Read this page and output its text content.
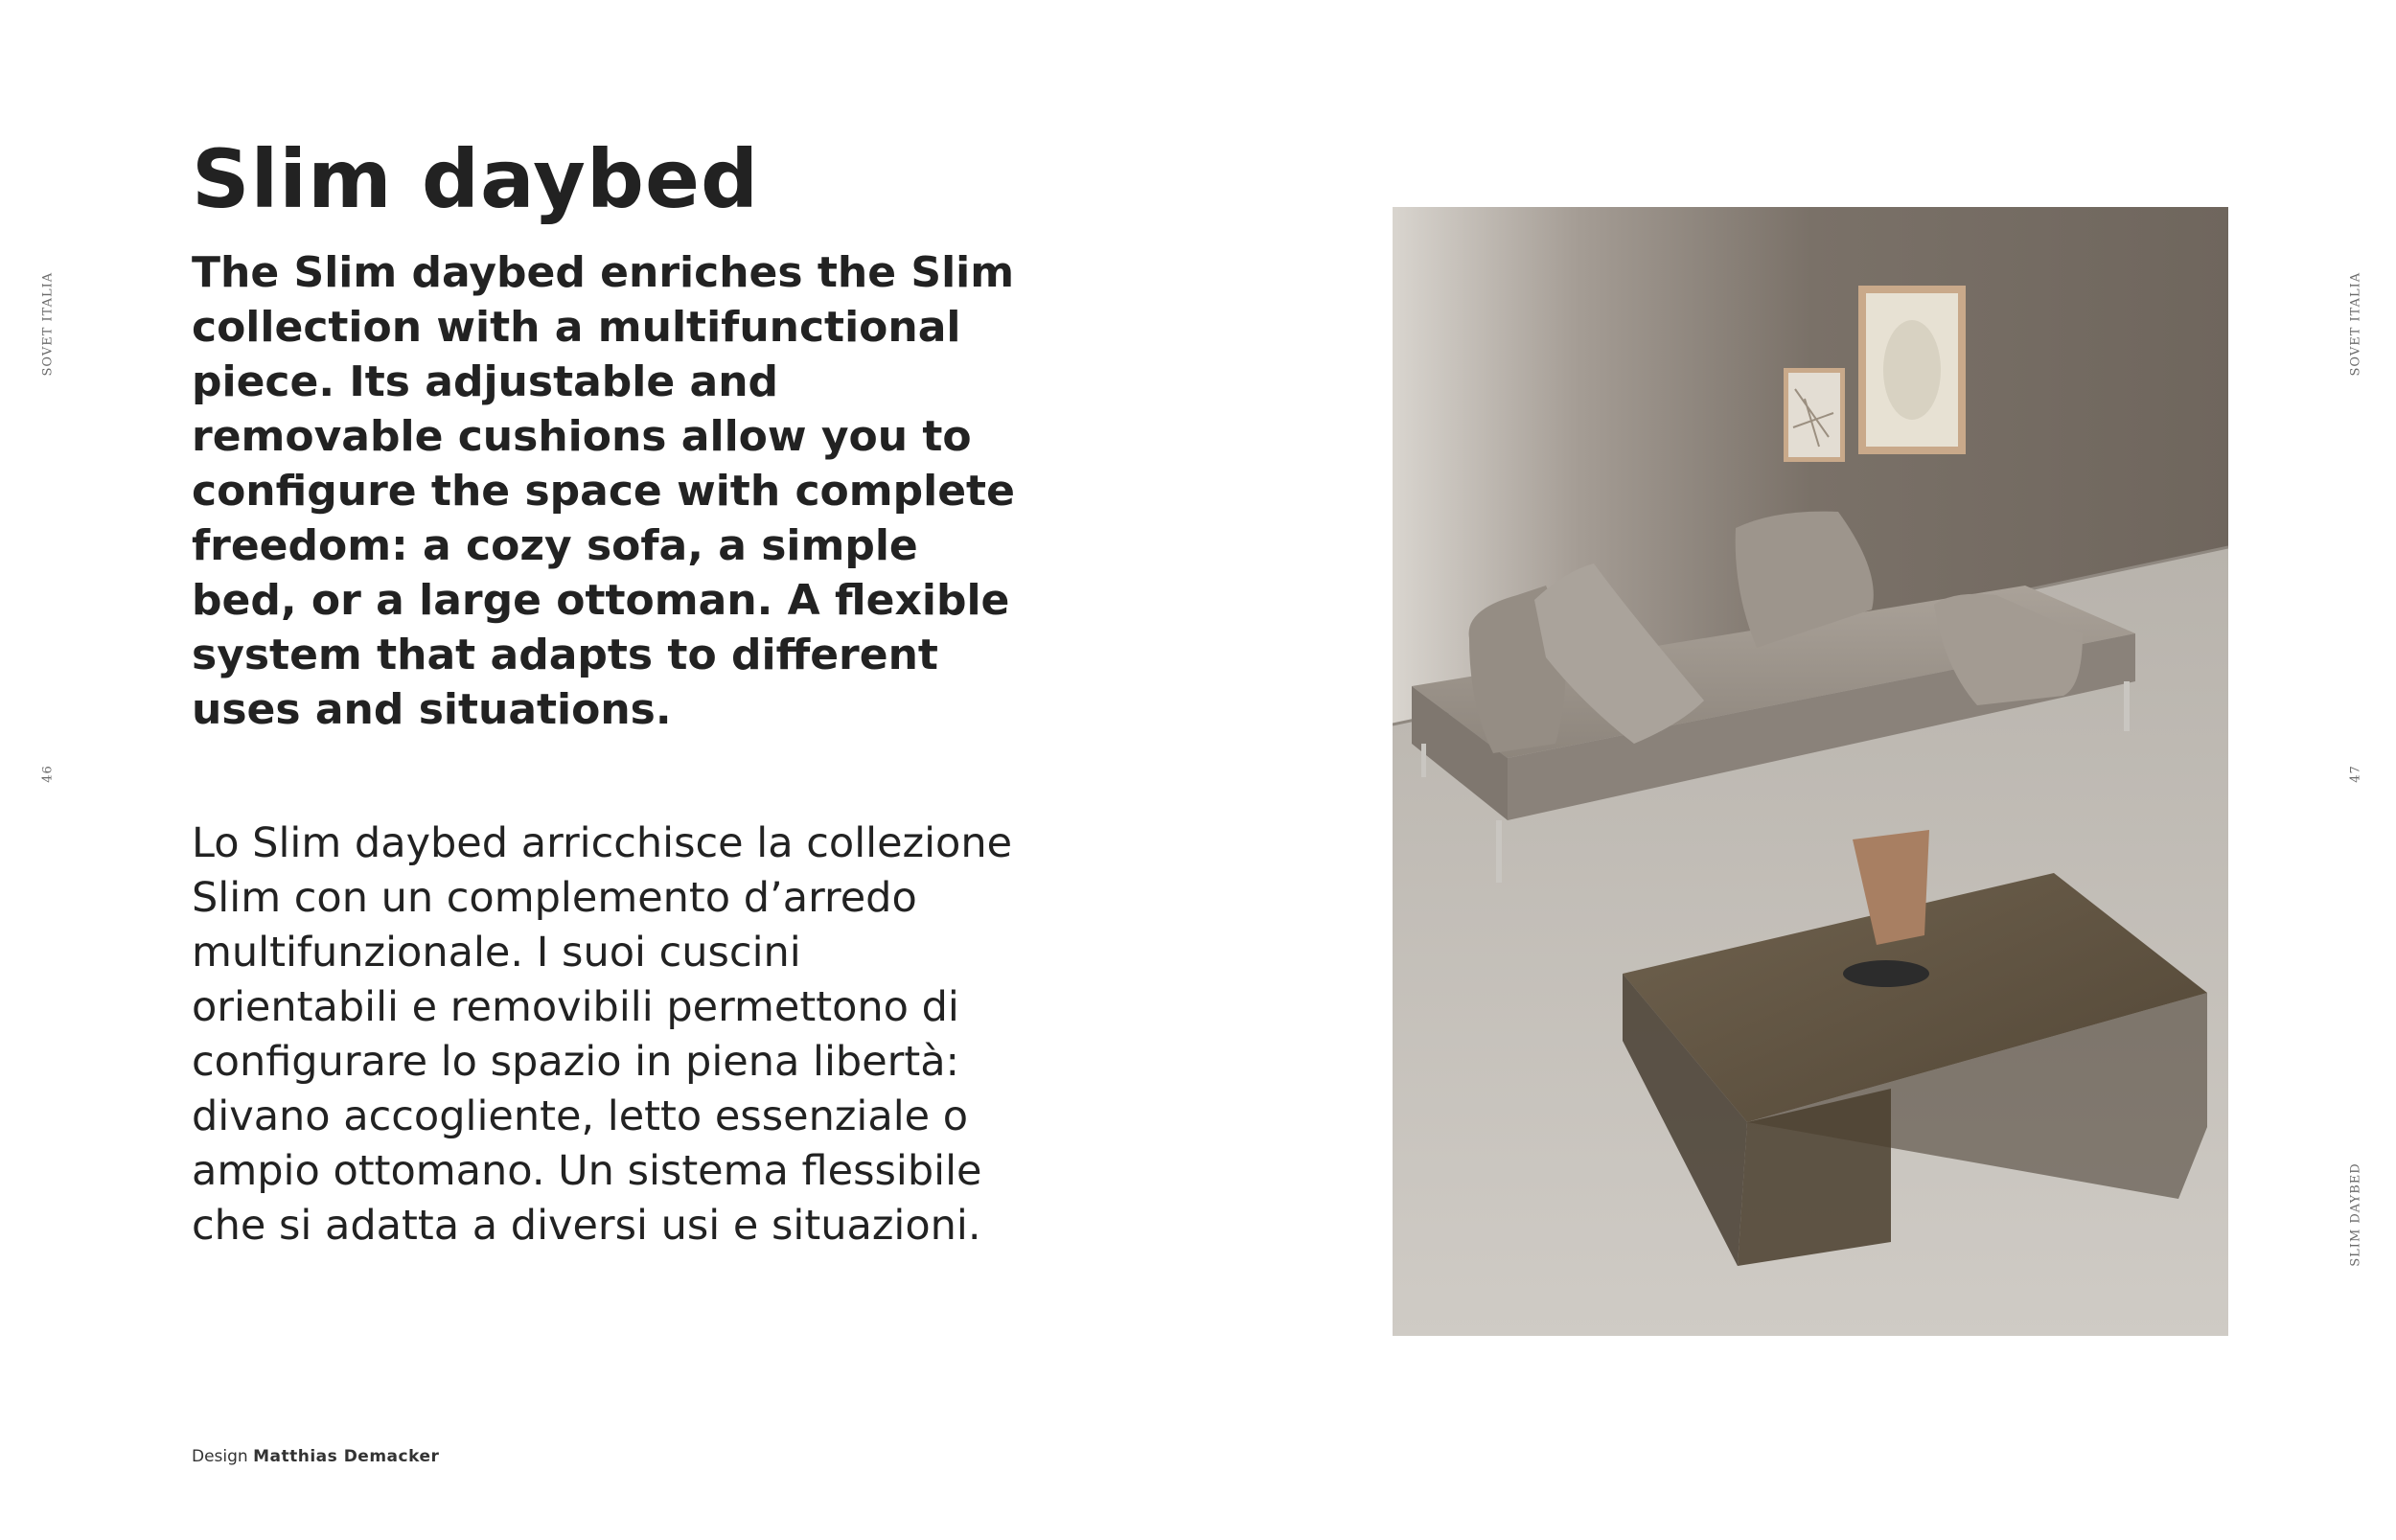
SOVET ITALIA
46
SOVET ITALIA
47
SLIM DAYBED
Slim daybed

The Slim daybed enriches the Slim collection with a multifunctional piece. Its adjustable and removable cushions allow you to configure the space with complete freedom: a cozy sofa, a simple bed, or a large ottoman. A flexible system that adapts to different uses and situations.

Lo Slim daybed arricchisce la collezione Slim con un complemento d’arredo multifunzionale. I suoi cuscini orientabili e removibili permettono di configurare lo spazio in piena libertà: divano accogliente, letto essenziale o ampio ottomano. Un sistema flessibile che si adatta a diversi usi e situazioni.

Design Matthias Demacker
